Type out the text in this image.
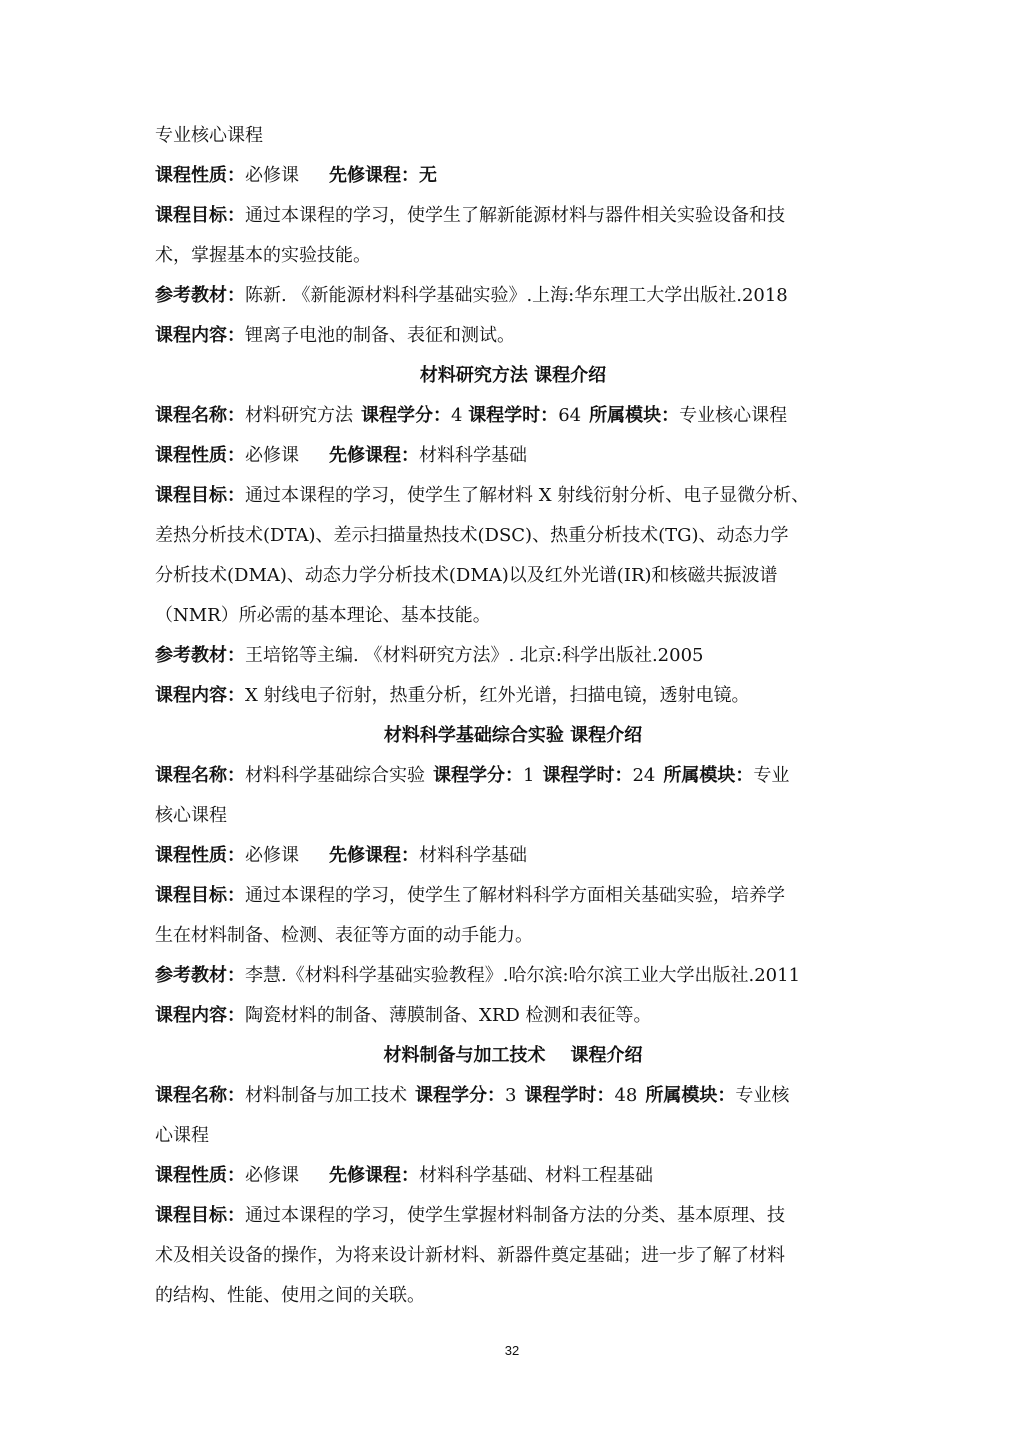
专业核心课程
课程性质：必修课 先修课程：无
课程目标：通过本课程的学习，使学生了解新能源材料与器件相关实验设备和技
术，掌握基本的实验技能。
参考教材：陈新. 《新能源材料科学基础实验》.上海:华东理工大学出版社.2018
课程内容：锂离子电池的制备、表征和测试。
材料研究方法 课程介绍
课程名称：材料研究方法 课程学分：4 课程学时：64 所属模块：专业核心课程
课程性质：必修课 先修课程：材料科学基础
课程目标：通过本课程的学习，使学生了解材料 X 射线衍射分析、电子显微分析、
差热分析技术(DTA)、差示扫描量热技术(DSC)、热重分析技术(TG)、动态力学
分析技术(DMA)、动态力学分析技术(DMA)以及红外光谱(IR)和核磁共振波谱
（NMR）所必需的基本理论、基本技能。
参考教材：王培铭等主编. 《材料研究方法》. 北京:科学出版社.2005
课程内容：X 射线电子衍射，热重分析，红外光谱，扫描电镜，透射电镜。
材料科学基础综合实验 课程介绍
课程名称：材料科学基础综合实验 课程学分：1 课程学时：24 所属模块：专业
核心课程
课程性质：必修课 先修课程：材料科学基础
课程目标：通过本课程的学习，使学生了解材料科学方面相关基础实验，培养学
生在材料制备、检测、表征等方面的动手能力。
参考教材：李慧.《材料科学基础实验教程》.哈尔滨:哈尔滨工业大学出版社.2011
课程内容：陶瓷材料的制备、薄膜制备、XRD 检测和表征等。
材料制备与加工技术    课程介绍
课程名称：材料制备与加工技术 课程学分：3 课程学时：48 所属模块：专业核
心课程
课程性质：必修课 先修课程：材料科学基础、材料工程基础
课程目标：通过本课程的学习，使学生掌握材料制备方法的分类、基本原理、技
术及相关设备的操作，为将来设计新材料、新器件奠定基础；进一步了解了材料
的结构、性能、使用之间的关联。
32
